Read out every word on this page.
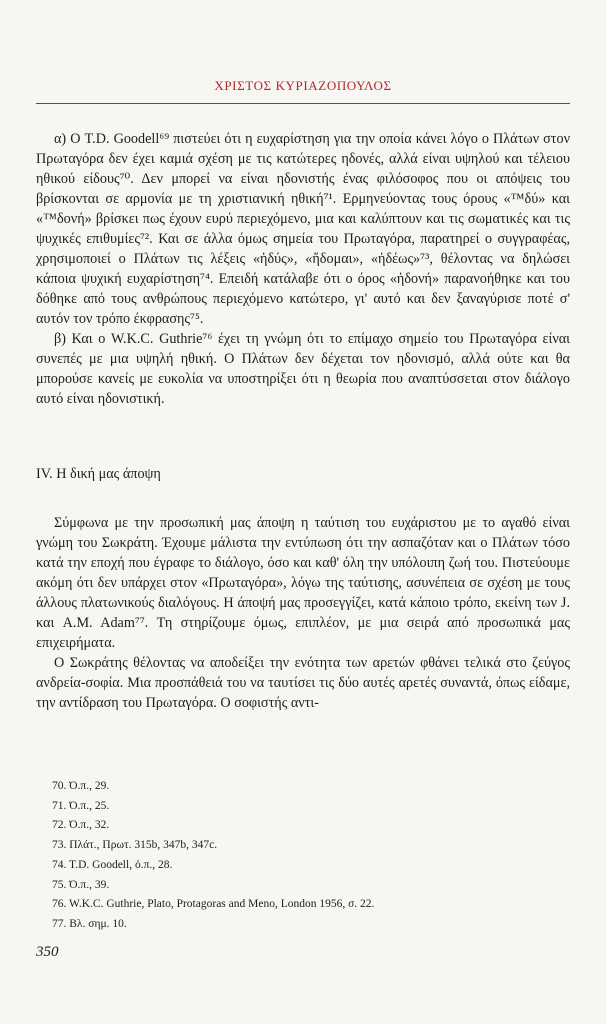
ΧΡΙΣΤΟΣ ΚΥΡΙΑΖΟΠΟΥΛΟΣ

α) Ο T.D. Goodell⁶⁹ πιστεύει ότι η ευχαρίστηση για την οποία κάνει λόγο ο Πλάτων στον Πρωταγόρα δεν έχει καμιά σχέση με τις κατώτερες ηδονές, αλλά είναι υψηλού και τέλειου ηθικού είδους⁷⁰. Δεν μπορεί να είναι ηδονιστής ένας φιλόσοφος που οι απόψεις του βρίσκονται σε αρμονία με τη χριστιανική ηθική⁷¹. Ερμηνεύοντας τους όρους «™δύ» και «™δονή» βρίσκει πως έχουν ευρύ περιεχόμενο, μια και καλύπτουν και τις σωματικές και τις ψυχικές επιθυμίες⁷². Και σε άλλα όμως σημεία του Πρωταγόρα, παρατηρεί ο συγγραφέας, χρησιμοποιεί ο Πλάτων τις λέξεις «ἡδύς», «ἥδομαι», «ἡδέως»⁷³, θέλοντας να δηλώσει κάποια ψυχική ευχαρίστηση⁷⁴. Επειδή κατάλαβε ότι ο όρος «ἡδονή» παρανοήθηκε και του δόθηκε από τους ανθρώπους περιεχόμενο κατώτερο, γι' αυτό και δεν ξαναγύρισε ποτέ σ' αυτόν τον τρόπο έκφρασης⁷⁵.

β) Και ο W.K.C. Guthrie⁷⁶ έχει τη γνώμη ότι το επίμαχο σημείο του Πρωταγόρα είναι συνεπές με μια υψηλή ηθική. Ο Πλάτων δεν δέχεται τον ηδονισμό, αλλά ούτε και θα μπορούσε κανείς με ευκολία να υποστηρίξει ότι η θεωρία που αναπτύσσεται στον διάλογο αυτό είναι ηδονιστική.

IV. Η δική μας άποψη

Σύμφωνα με την προσωπική μας άποψη η ταύτιση του ευχάριστου με το αγαθό είναι γνώμη του Σωκράτη. Έχουμε μάλιστα την εντύπωση ότι την ασπαζόταν και ο Πλάτων τόσο κατά την εποχή που έγραφε το διάλογο, όσο και καθ' όλη την υπόλοιπη ζωή του. Πιστεύουμε ακόμη ότι δεν υπάρχει στον «Πρωταγόρα», λόγω της ταύτισης, ασυνέπεια σε σχέση με τους άλλους πλατωνικούς διαλόγους. Η άποψή μας προσεγγίζει, κατά κάποιο τρόπο, εκείνη των J. και A.M. Adam⁷⁷. Τη στηρίζουμε όμως, επιπλέον, με μια σειρά από προσωπικά μας επιχειρήματα.

Ο Σωκράτης θέλοντας να αποδείξει την ενότητα των αρετών φθάνει τελικά στο ζεύγος ανδρεία-σοφία. Μια προσπάθειά του να ταυτίσει τις δύο αυτές αρετές συναντά, όπως είδαμε, την αντίδραση του Πρωταγόρα. Ο σοφιστής αντι-

70. Ό.π., 29.
71. Ό.π., 25.
72. Ό.π., 32.
73. Πλάτ., Πρωτ. 315b, 347b, 347c.
74. T.D. Goodell, ό.π., 28.
75. Ό.π., 39.
76. W.K.C. Guthrie, Plato, Protagoras and Meno, London 1956, σ. 22.
77. Βλ. σημ. 10.
350
